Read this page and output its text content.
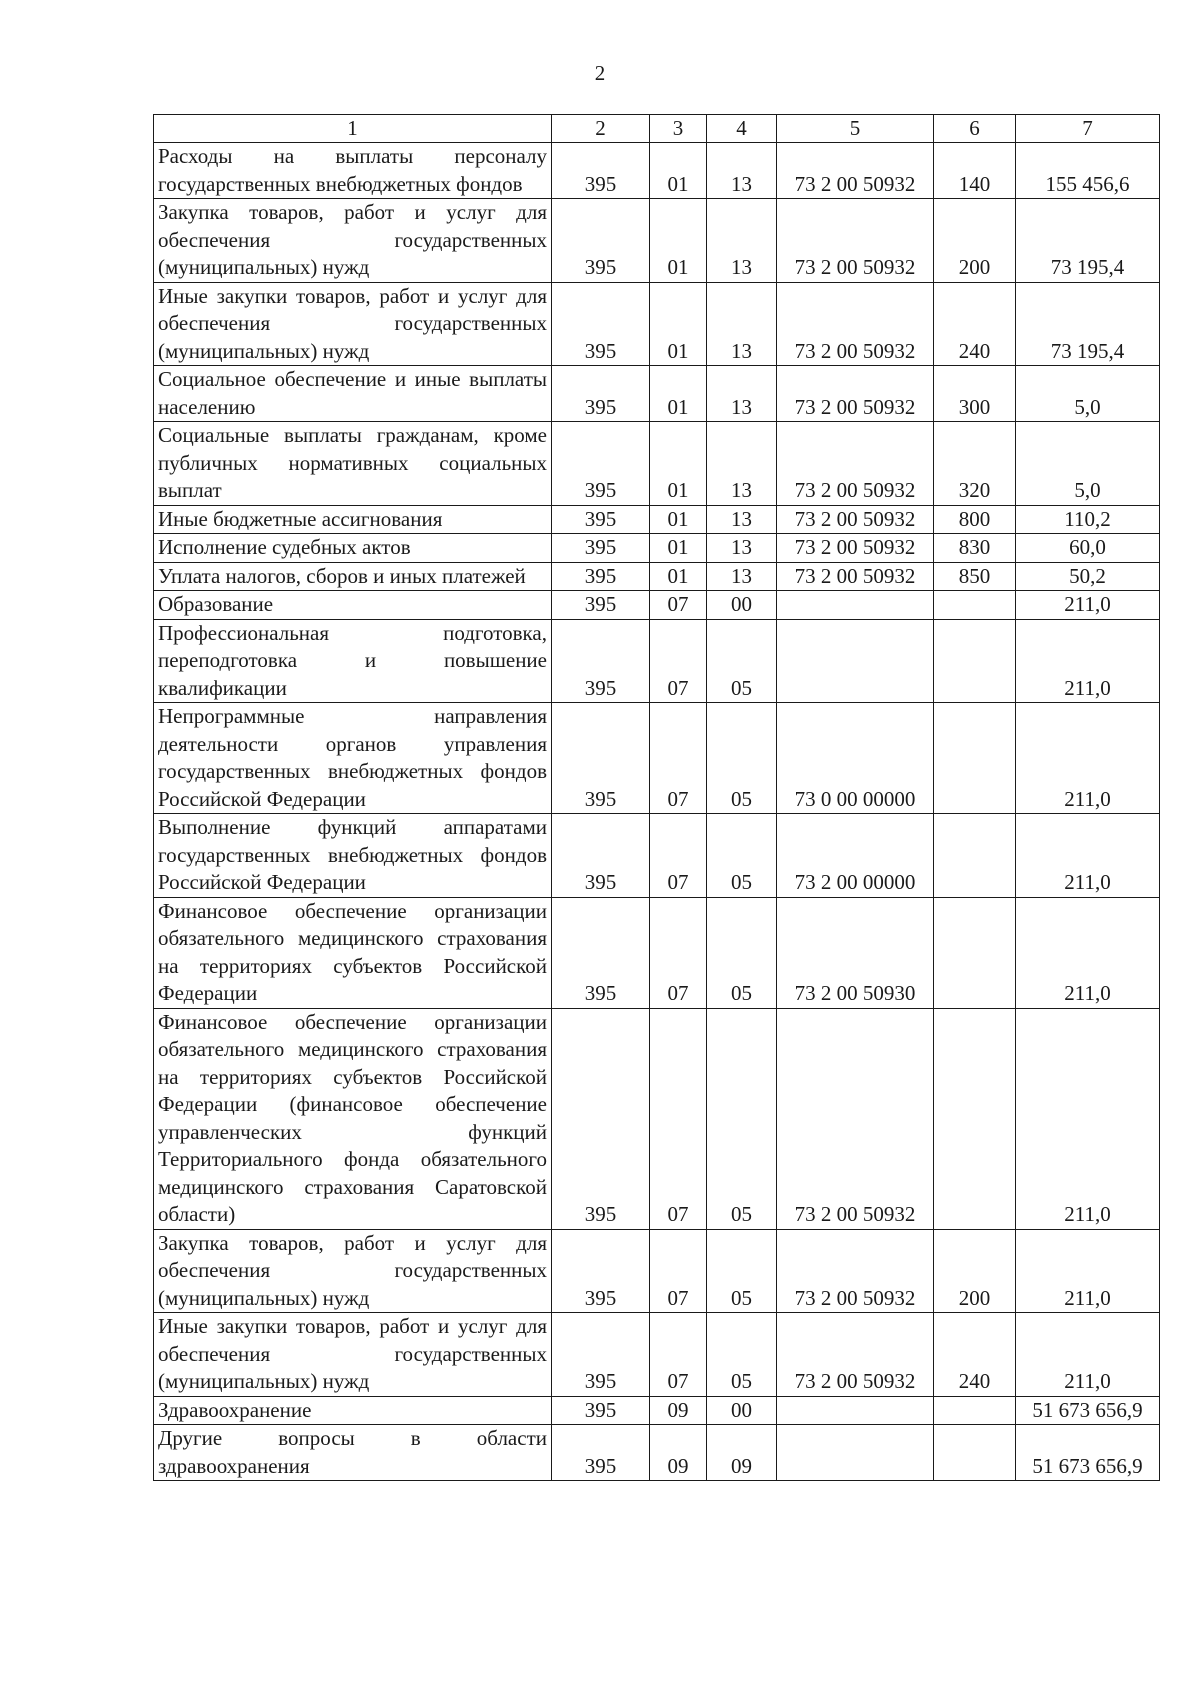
2
1	2	3	4	5	6	7
Расходы на выплаты персоналу государственных внебюджетных фондов	395	01	13	73 2 00 50932	140	155 456,6
Закупка товаров, работ и услуг для обеспечения государственных (муниципальных) нужд	395	01	13	73 2 00 50932	200	73 195,4
Иные закупки товаров, работ и услуг для обеспечения государственных (муниципальных) нужд	395	01	13	73 2 00 50932	240	73 195,4
Социальное обеспечение и иные выплаты населению	395	01	13	73 2 00 50932	300	5,0
Социальные выплаты гражданам, кроме публичных нормативных социальных выплат	395	01	13	73 2 00 50932	320	5,0
Иные бюджетные ассигнования	395	01	13	73 2 00 50932	800	110,2
Исполнение судебных актов	395	01	13	73 2 00 50932	830	60,0
Уплата налогов, сборов и иных платежей	395	01	13	73 2 00 50932	850	50,2
Образование	395	07	00			211,0
Профессиональная подготовка, переподготовка и повышение квалификации	395	07	05			211,0
Непрограммные направления деятельности органов управления государственных внебюджетных фондов Российской Федерации	395	07	05	73 0 00 00000		211,0
Выполнение функций аппаратами государственных внебюджетных фондов Российской Федерации	395	07	05	73 2 00 00000		211,0
Финансовое обеспечение организации обязательного медицинского страхования на территориях субъектов Российской Федерации	395	07	05	73 2 00 50930		211,0
Финансовое обеспечение организации обязательного медицинского страхования на территориях субъектов Российской Федерации (финансовое обеспечение управленческих функций Территориального фонда обязательного медицинского страхования Саратовской области)	395	07	05	73 2 00 50932		211,0
Закупка товаров, работ и услуг для обеспечения государственных (муниципальных) нужд	395	07	05	73 2 00 50932	200	211,0
Иные закупки товаров, работ и услуг для обеспечения государственных (муниципальных) нужд	395	07	05	73 2 00 50932	240	211,0
Здравоохранение	395	09	00			51 673 656,9
Другие вопросы в области здравоохранения	395	09	09			51 673 656,9
